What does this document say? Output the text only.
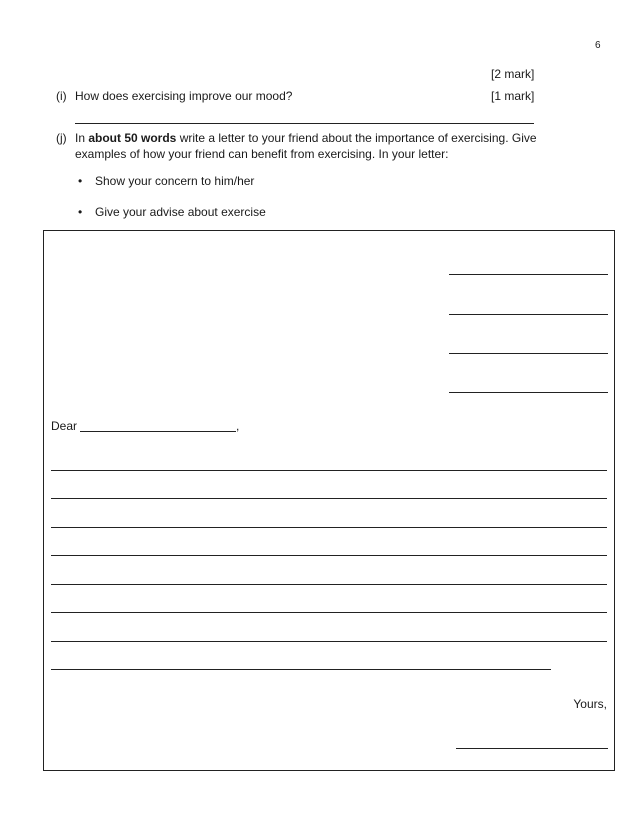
6
[2 mark]
(i) How does exercising improve our mood?	[1 mark]
(j) In about 50 words write a letter to your friend about the importance of exercising. Give
examples of how your friend can benefit from exercising. In your letter:
• Show your concern to him/her
• Give your advise about exercise
Dear	,
Yours,
